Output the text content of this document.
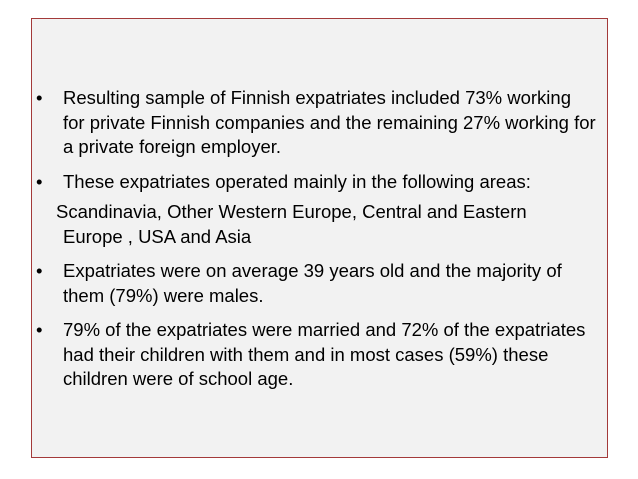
•	Resulting sample of Finnish expatriates included 73% working for private Finnish companies and the remaining 27% working for a private foreign employer.
•	These expatriates operated mainly in the following areas:
Scandinavia, Other Western Europe, Central and Eastern
Europe , USA and Asia
•	Expatriates were on average 39 years old and the majority of them (79%) were males.
•	79% of the expatriates were married and 72% of the expatriates had their children with them and in most cases (59%) these children were of school age.
